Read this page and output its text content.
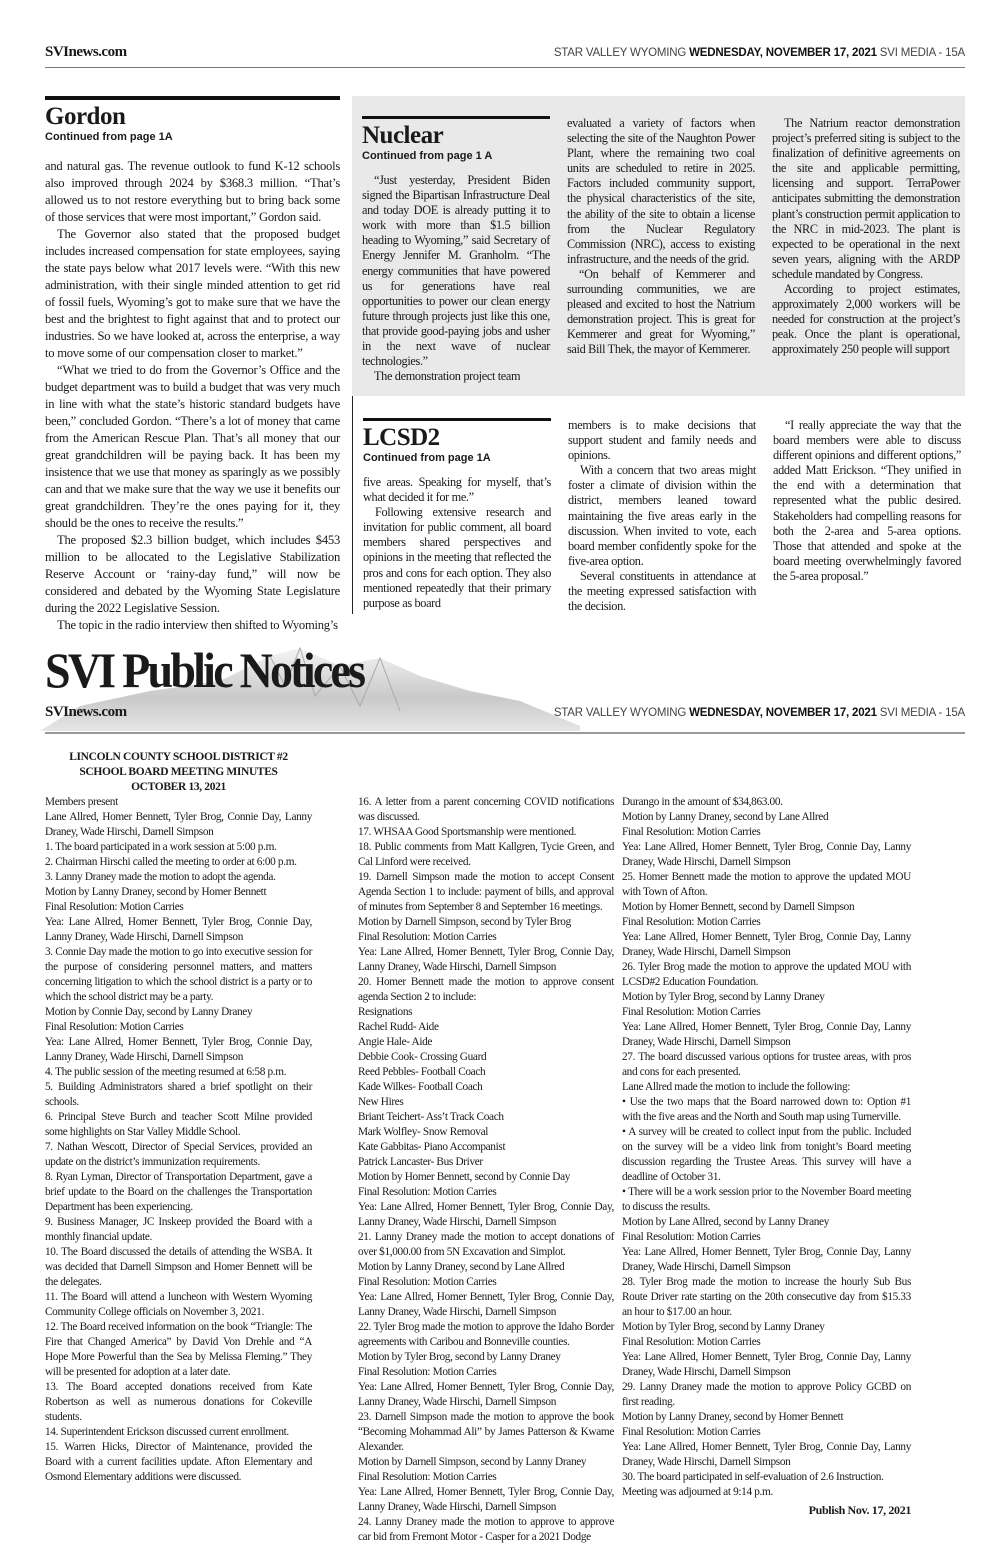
SVInews.com	STAR VALLEY WYOMING WEDNESDAY, NOVEMBER 17, 2021 SVI MEDIA - 15A
Gordon
Continued from page 1A

and natural gas. The revenue outlook to fund K-12 schools also improved through 2024 by $368.3 million. “That’s allowed us to not restore everything but to bring back some of those services that were most important,” Gordon said.

The Governor also stated that the proposed budget includes increased compensation for state employees, saying the state pays below what 2017 levels were. “With this new administration, with their single minded attention to get rid of fossil fuels, Wyoming’s got to make sure that we have the best and the brightest to fight against that and to protect our industries. So we have looked at, across the enterprise, a way to move some of our compensation closer to market.”

“What we tried to do from the Governor’s Office and the budget department was to build a budget that was very much in line with what the state’s historic standard budgets have been,” concluded Gordon. “There’s a lot of money that came from the American Rescue Plan. That’s all money that our great grandchildren will be paying back. It has been my insistence that we use that money as sparingly as we possibly can and that we make sure that the way we use it benefits our great grandchildren. They’re the ones paying for it, they should be the ones to receive the results.”

The proposed $2.3 billion budget, which includes $453 million to be allocated to the Legislative Stabilization Reserve Account or ‘rainy-day fund,” will now be considered and debated by the Wyoming State Legislature during the 2022 Legislative Session.

The topic in the radio interview then shifted to Wyoming’s

Nuclear
Continued from page 1 A

“Just yesterday, President Biden signed the Bipartisan Infrastructure Deal and today DOE is already putting it to work with more than $1.5 billion heading to Wyoming,” said Secretary of Energy Jennifer M. Granholm. “The energy communities that have powered us for generations have real opportunities to power our clean energy future through projects just like this one, that provide good-paying jobs and usher in the next wave of nuclear technologies.”

The demonstration project team

evaluated a variety of factors when selecting the site of the Naughton Power Plant, where the remaining two coal units are scheduled to retire in 2025. Factors included community support, the physical characteristics of the site, the ability of the site to obtain a license from the Nuclear Regulatory Commission (NRC), access to existing infrastructure, and the needs of the grid.

“On behalf of Kemmerer and surrounding communities, we are pleased and excited to host the Natrium demonstration project. This is great for Kemmerer and great for Wyoming,” said Bill Thek, the mayor of Kemmerer.

The Natrium reactor demonstration project’s preferred siting is subject to the finalization of definitive agreements on the site and applicable permitting, licensing and support. TerraPower anticipates submitting the demonstration plant’s construction permit application to the NRC in mid-2023. The plant is expected to be operational in the next seven years, aligning with the ARDP schedule mandated by Congress.

According to project estimates, approximately 2,000 workers will be needed for construction at the project’s peak. Once the plant is operational, approximately 250 people will support

LCSD2
Continued from page 1A

five areas. Speaking for myself, that’s what decided it for me.”

Following extensive research and invitation for public comment, all board members shared perspectives and opinions in the meeting that reflected the pros and cons for each option. They also mentioned repeatedly that their primary purpose as board

members is to make decisions that support student and family needs and opinions.

With a concern that two areas might foster a climate of division within the district, members leaned toward maintaining the five areas early in the discussion. When invited to vote, each board member confidently spoke for the five-area option.

Several constituents in attendance at the meeting expressed satisfaction with the decision.

“I really appreciate the way that the board members were able to discuss different opinions and different options,” added Matt Erickson. “They unified in the end with a determination that represented what the public desired. Stakeholders had compelling reasons for both the 2-area and 5-area options. Those that attended and spoke at the board meeting overwhelmingly favored the 5-area proposal.”

SVI Public Notices
SVInews.com	STAR VALLEY WYOMING WEDNESDAY, NOVEMBER 17, 2021 SVI MEDIA - 15A
LINCOLN COUNTY SCHOOL DISTRICT #2
SCHOOL BOARD MEETING MINUTES
OCTOBER 13, 2021

Members present

Lane Allred, Homer Bennett, Tyler Brog, Connie Day, Lanny Draney, Wade Hirschi, Darnell Simpson

1. The board participated in a work session at 5:00 p.m.

2. Chairman Hirschi called the meeting to order at 6:00 p.m.

3. Lanny Draney made the motion to adopt the agenda.

Motion by Lanny Draney, second by Homer Bennett

Final Resolution: Motion Carries

Yea: Lane Allred, Homer Bennett, Tyler Brog, Connie Day, Lanny Draney, Wade Hirschi, Darnell Simpson

3. Connie Day made the motion to go into executive session for the purpose of considering personnel matters, and matters concerning litigation to which the school district is a party or to which the school district may be a party.

Motion by Connie Day, second by Lanny Draney

Final Resolution: Motion Carries

Yea: Lane Allred, Homer Bennett, Tyler Brog, Connie Day, Lanny Draney, Wade Hirschi, Darnell Simpson

4. The public session of the meeting resumed at 6:58 p.m.

5. Building Administrators shared a brief spotlight on their schools.

6. Principal Steve Burch and teacher Scott Milne provided some highlights on Star Valley Middle School.

7. Nathan Wescott, Director of Special Services, provided an update on the district’s immunization requirements.

8. Ryan Lyman, Director of Transportation Department, gave a brief update to the Board on the challenges the Transportation Department has been experiencing.

9. Business Manager, JC Inskeep provided the Board with a monthly financial update.

10. The Board discussed the details of attending the WSBA. It was decided that Darnell Simpson and Homer Bennett will be the delegates.

11. The Board will attend a luncheon with Western Wyoming Community College officials on November 3, 2021.

12. The Board received information on the book “Triangle: The Fire that Changed America” by David Von Drehle and “A Hope More Powerful than the Sea by Melissa Fleming.” They will be presented for adoption at a later date.

13. The Board accepted donations received from Kate Robertson as well as numerous donations for Cokeville students.

14. Superintendent Erickson discussed current enrollment.

15. Warren Hicks, Director of Maintenance, provided the Board with a current facilities update. Afton Elementary and Osmond Elementary additions were discussed.

16. A letter from a parent concerning COVID notifications was discussed.

17. WHSAA Good Sportsmanship were mentioned.

18. Public comments from Matt Kallgren, Tycie Green, and Cal Linford were received.

19. Darnell Simpson made the motion to accept Consent Agenda Section 1 to include: payment of bills, and approval of minutes from September 8 and September 16 meetings.

Motion by Darnell Simpson, second by Tyler Brog

Final Resolution: Motion Carries

Yea: Lane Allred, Homer Bennett, Tyler Brog, Connie Day, Lanny Draney, Wade Hirschi, Darnell Simpson

20. Homer Bennett made the motion to approve consent agenda Section 2 to include:

Resignations

Rachel Rudd- Aide

Angie Hale- Aide

Debbie Cook- Crossing Guard

Reed Pebbles- Football Coach

Kade Wilkes- Football Coach

New Hires

Briant Teichert- Ass’t Track Coach

Mark Wolfley- Snow Removal

Kate Gabbitas- Piano Accompanist

Patrick Lancaster- Bus Driver

Motion by Homer Bennett, second by Connie Day

Final Resolution: Motion Carries

Yea: Lane Allred, Homer Bennett, Tyler Brog, Connie Day, Lanny Draney, Wade Hirschi, Darnell Simpson

21. Lanny Draney made the motion to accept donations of over $1,000.00 from 5N Excavation and Simplot.

Motion by Lanny Draney, second by Lane Allred

Final Resolution: Motion Carries

Yea: Lane Allred, Homer Bennett, Tyler Brog, Connie Day, Lanny Draney, Wade Hirschi, Darnell Simpson

22. Tyler Brog made the motion to approve the Idaho Border agreements with Caribou and Bonneville counties.

Motion by Tyler Brog, second by Lanny Draney

Final Resolution: Motion Carries

Yea: Lane Allred, Homer Bennett, Tyler Brog, Connie Day, Lanny Draney, Wade Hirschi, Darnell Simpson

23. Darnell Simpson made the motion to approve the book “Becoming Mohammad Ali” by James Patterson & Kwame Alexander.

Motion by Darnell Simpson, second by Lanny Draney

Final Resolution: Motion Carries

Yea: Lane Allred, Homer Bennett, Tyler Brog, Connie Day, Lanny Draney, Wade Hirschi, Darnell Simpson

24. Lanny Draney made the motion to approve to approve car bid from Fremont Motor - Casper for a 2021 Dodge

Durango in the amount of $34,863.00.

Motion by Lanny Draney, second by Lane Allred

Final Resolution: Motion Carries

Yea: Lane Allred, Homer Bennett, Tyler Brog, Connie Day, Lanny Draney, Wade Hirschi, Darnell Simpson

25. Homer Bennett made the motion to approve the updated MOU with Town of Afton.

Motion by Homer Bennett, second by Darnell Simpson

Final Resolution: Motion Carries

Yea: Lane Allred, Homer Bennett, Tyler Brog, Connie Day, Lanny Draney, Wade Hirschi, Darnell Simpson

26. Tyler Brog made the motion to approve the updated MOU with LCSD#2 Education Foundation.

Motion by Tyler Brog, second by Lanny Draney

Final Resolution: Motion Carries

Yea: Lane Allred, Homer Bennett, Tyler Brog, Connie Day, Lanny Draney, Wade Hirschi, Darnell Simpson

27. The board discussed various options for trustee areas, with pros and cons for each presented.

Lane Allred made the motion to include the following:

• Use the two maps that the Board narrowed down to: Option #1 with the five areas and the North and South map using Turnerville.

• A survey will be created to collect input from the public. Included on the survey will be a video link from tonight’s Board meeting discussion regarding the Trustee Areas. This survey will have a deadline of October 31.

• There will be a work session prior to the November Board meeting to discuss the results.

Motion by Lane Allred, second by Lanny Draney

Final Resolution: Motion Carries

Yea: Lane Allred, Homer Bennett, Tyler Brog, Connie Day, Lanny Draney, Wade Hirschi, Darnell Simpson

28. Tyler Brog made the motion to increase the hourly Sub Bus Route Driver rate starting on the 20th consecutive day from $15.33 an hour to $17.00 an hour.

Motion by Tyler Brog, second by Lanny Draney

Final Resolution: Motion Carries

Yea: Lane Allred, Homer Bennett, Tyler Brog, Connie Day, Lanny Draney, Wade Hirschi, Darnell Simpson

29. Lanny Draney made the motion to approve Policy GCBD on first reading.

Motion by Lanny Draney, second by Homer Bennett

Final Resolution: Motion Carries

Yea: Lane Allred, Homer Bennett, Tyler Brog, Connie Day, Lanny Draney, Wade Hirschi, Darnell Simpson

30. The board participated in self-evaluation of 2.6 Instruction.

Meeting was adjourned at 9:14 p.m.

Publish Nov. 17, 2021
